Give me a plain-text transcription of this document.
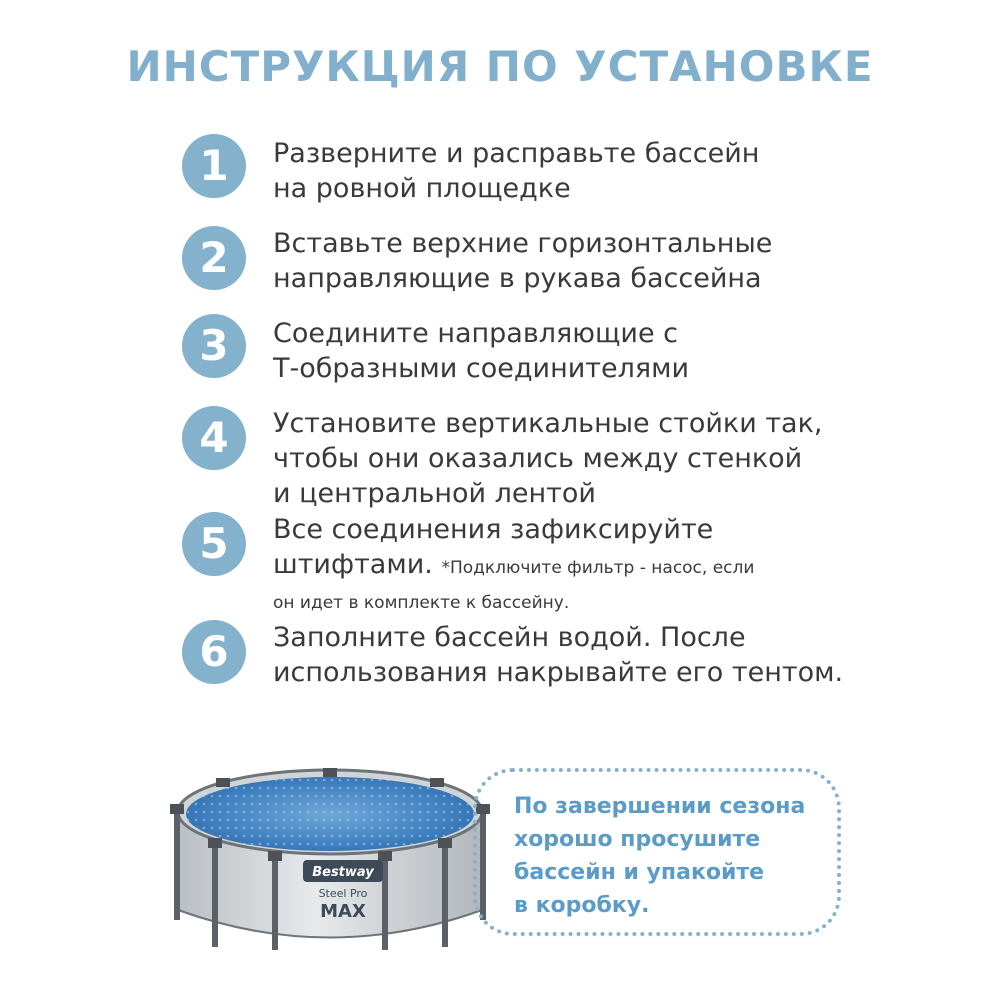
ИНСТРУКЦИЯ ПО УСТАНОВКЕ
1	Разверните и расправьте бассейн
на ровной площедке
2	Вставьте верхние горизонтальные
направляющие в рукава бассейна
3	Соедините направляющие с
Т-образными соединителями
4	Установите вертикальные стойки так,
чтобы они оказались между стенкой
и центральной лентой
5	Все соединения зафиксируйте
штифтами. *Подключите фильтр - насос, если
он идет в комплекте к бассейну.
6	Заполните бассейн водой. После
использования накрывайте его тентом.
Bestway
Steel Pro
MAX
По завершении сезона
хорошо просушите
бассейн и упакойте
в коробку.
